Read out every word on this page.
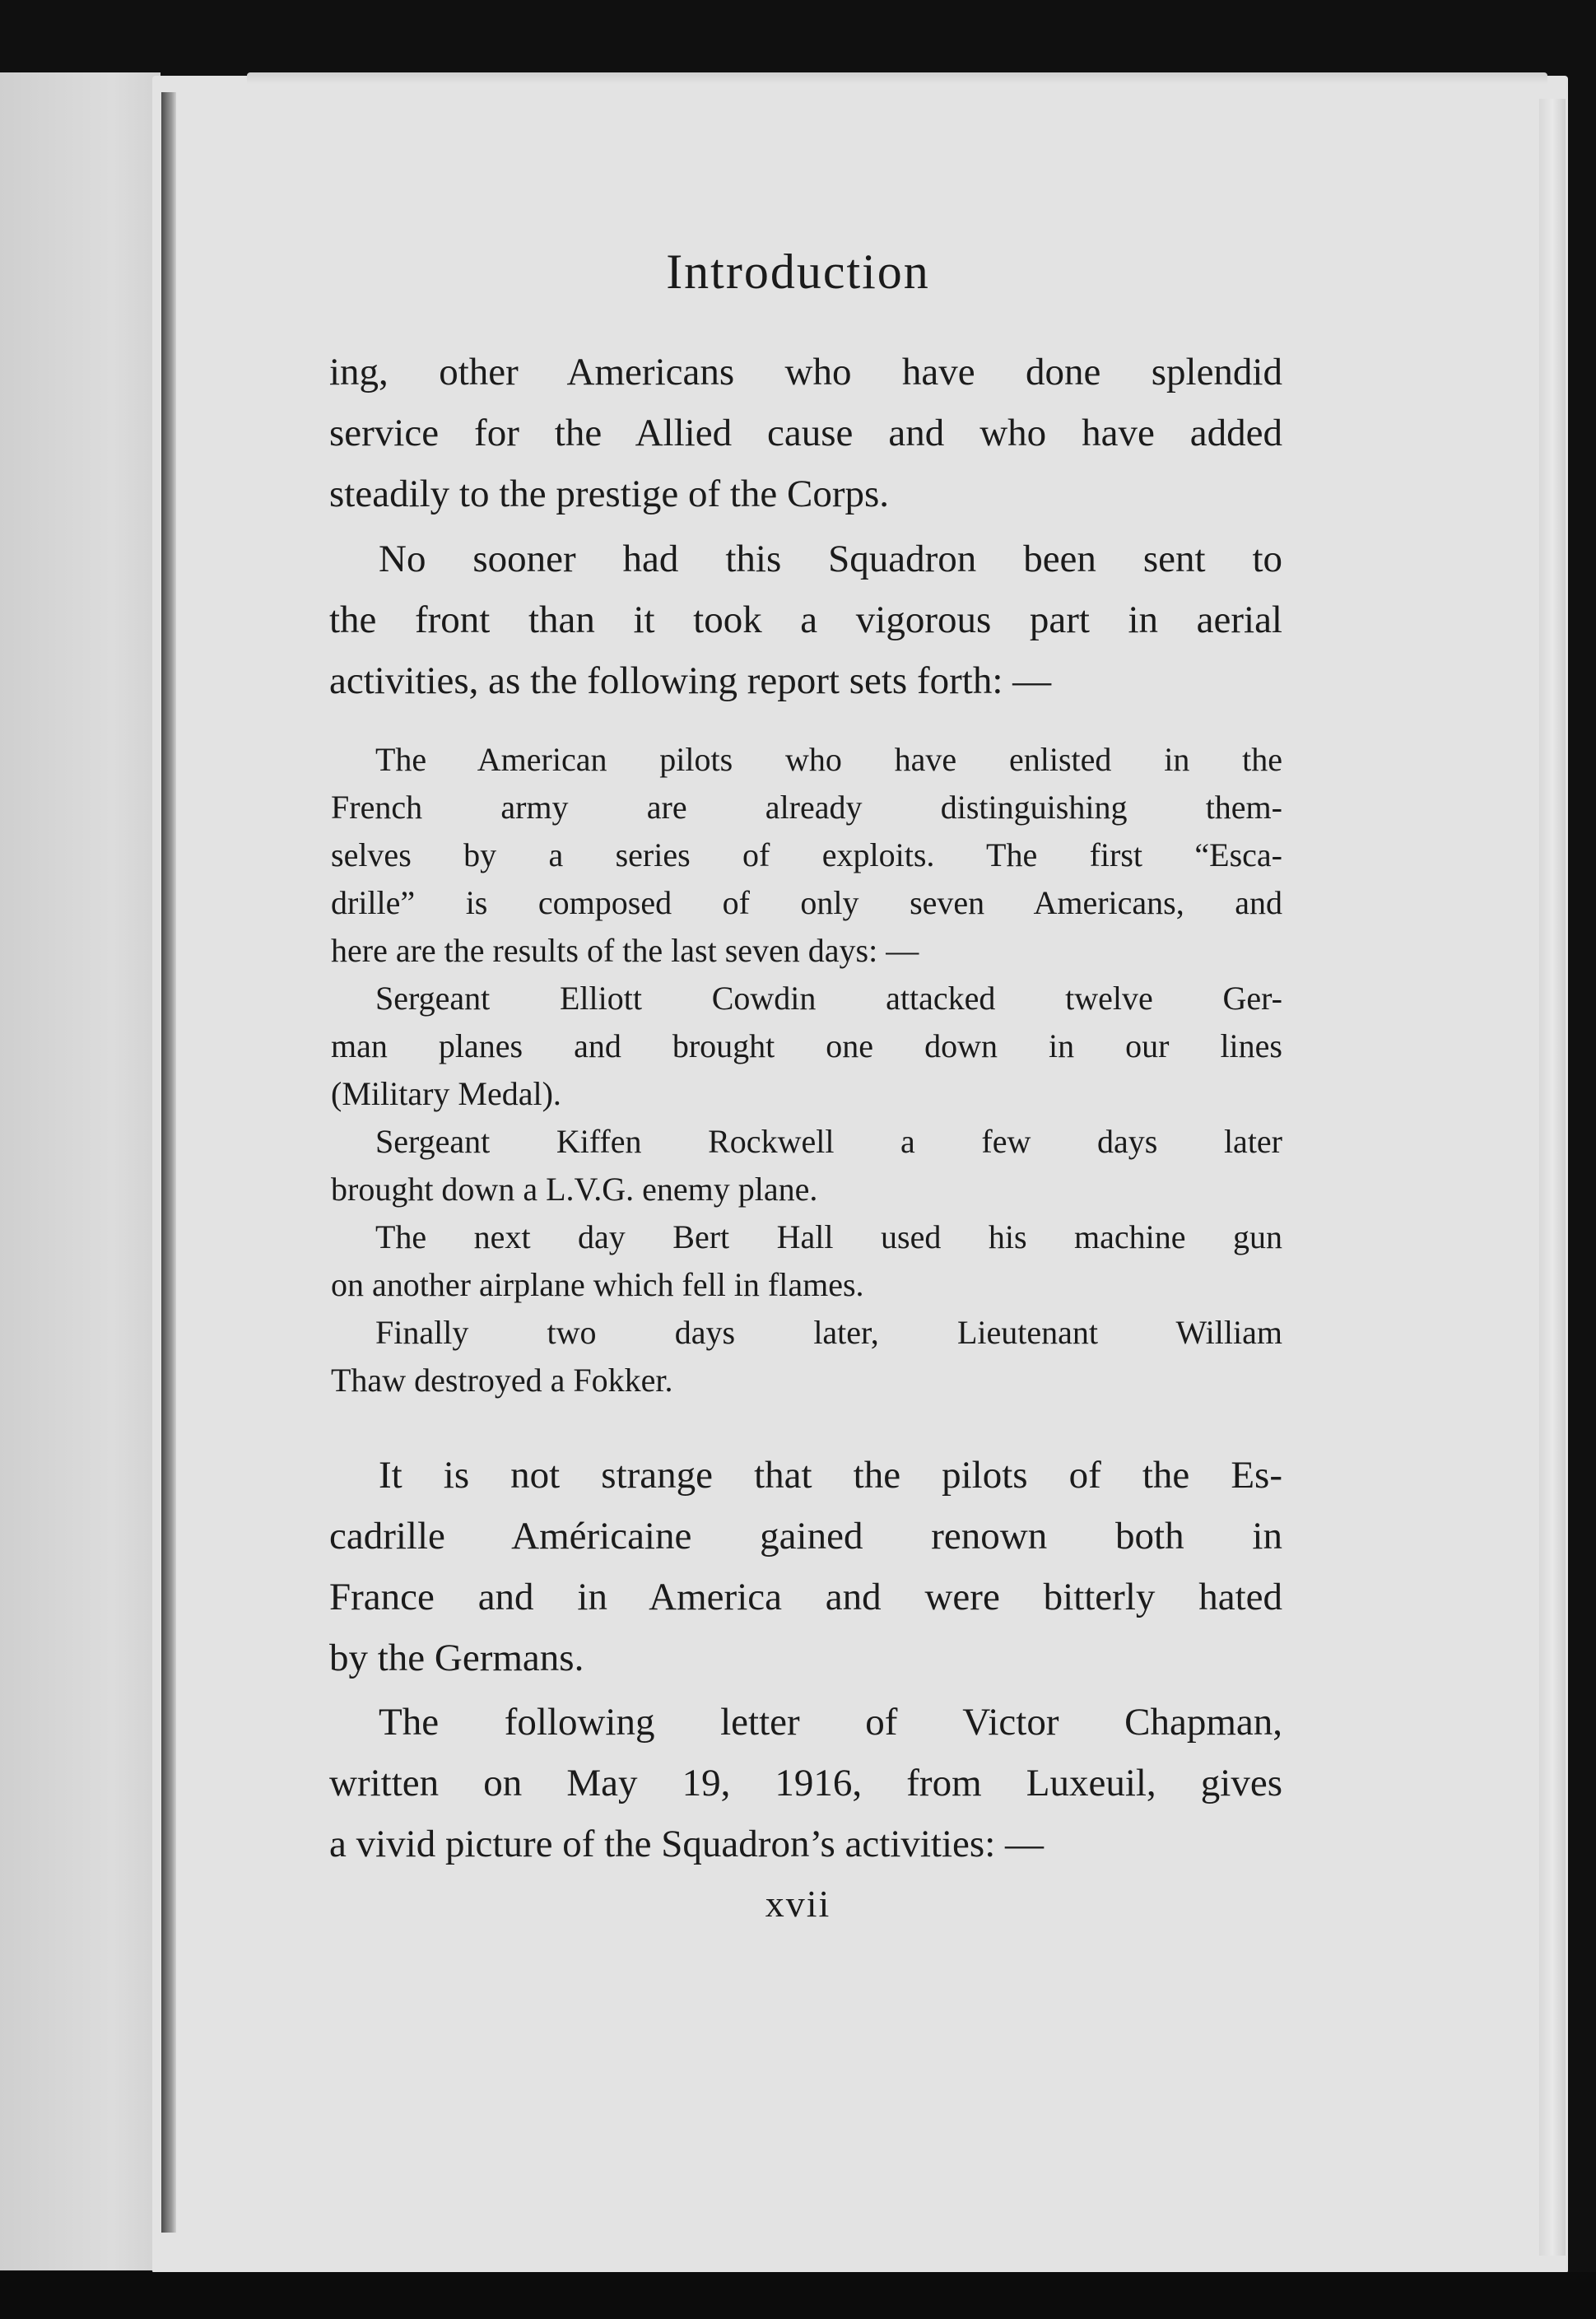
Introduction

ing, other Americans who have done splendid
service for the Allied cause and who have added
steadily to the prestige of the Corps.

No sooner had this Squadron been sent to
the front than it took a vigorous part in aerial
activities, as the following report sets forth: —

The American pilots who have enlisted in the
French army are already distinguishing them-
selves by a series of exploits. The first “Esca-
drille” is composed of only seven Americans, and
here are the results of the last seven days: —
Sergeant Elliott Cowdin attacked twelve Ger-
man planes and brought one down in our lines
(Military Medal).
Sergeant Kiffen Rockwell a few days later
brought down a L.V.G. enemy plane.
The next day Bert Hall used his machine gun
on another airplane which fell in flames.
Finally two days later, Lieutenant William
Thaw destroyed a Fokker.

It is not strange that the pilots of the Es-
cadrille Américaine gained renown both in
France and in America and were bitterly hated
by the Germans.

The following letter of Victor Chapman,
written on May 19, 1916, from Luxeuil, gives
a vivid picture of the Squadron’s activities: —

xvii
